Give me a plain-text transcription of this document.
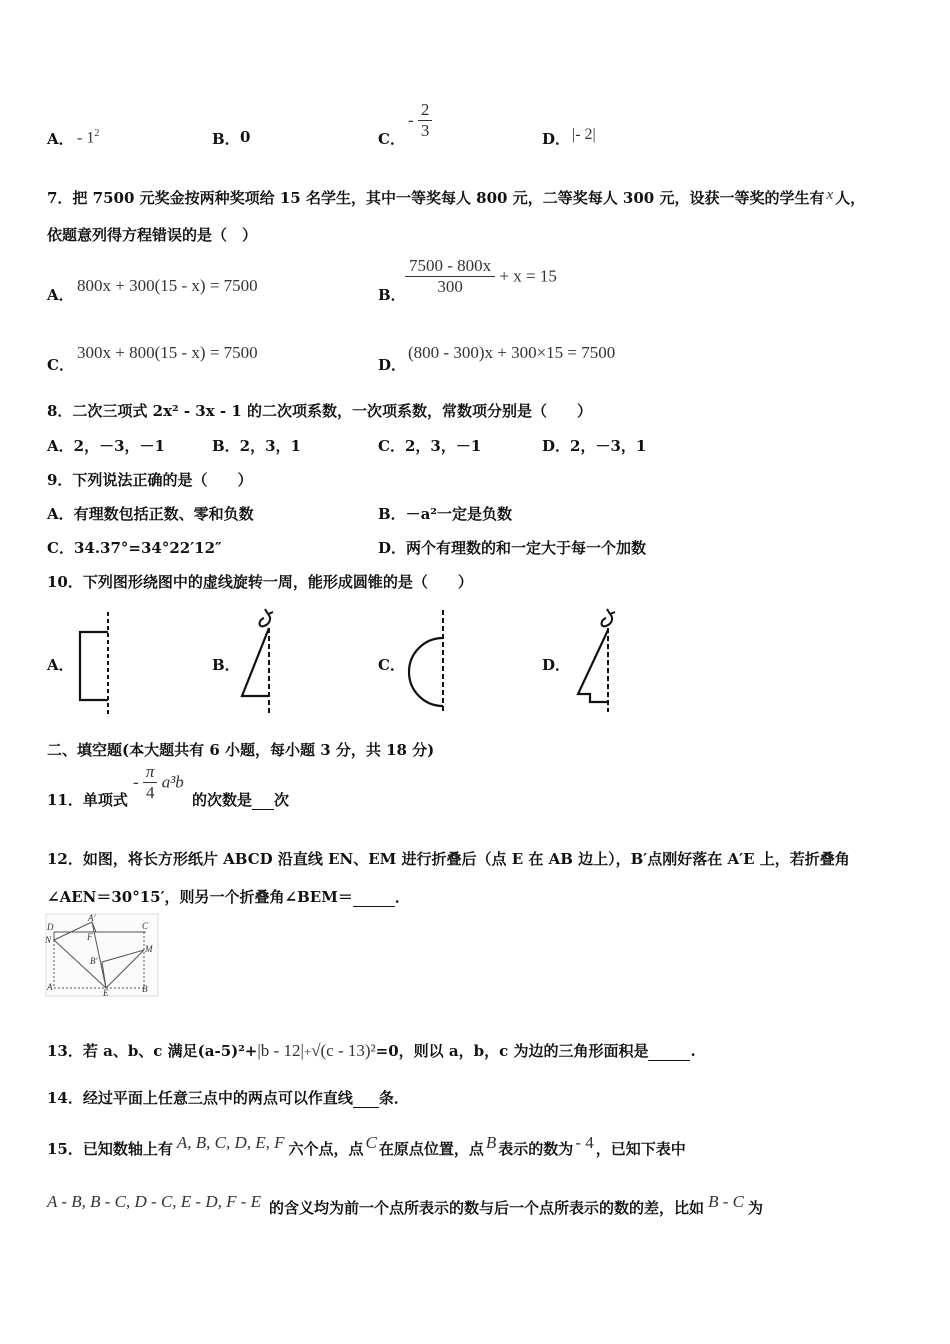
A． - $1^2$	B． 0	C．
- $\frac{2}{3}$	D． |- 2|
7．把 7500 元奖金按两种奖项给 15 名学生，其中一等奖每人 800 元，二等奖每人 300 元，设获一等奖的学生有 x 人，
依题意列得方程错误的是（　）
A． 800x + 300(15 - x) = 7500	B． $\frac{7500 - 800x}{300} + x = 15$
C．
300x + 800(15 - x) = 7500
D．
(800 - 300)x + 300×15 = 7500
8．二次三项式 2x² - 3x - 1 的二次项系数，一次项系数，常数项分别是（　　）
A．2，－3，－1	B．2，3，1	C．2，3，－1	D．2，－3，1
9．下列说法正确的是（　　）
A．有理数包括正数、零和负数	B．－a²一定是负数
C．34.37°=34°22′12″	D．两个有理数的和一定大于每一个加数
10．下列图形绕图中的虚线旋转一周，能形成圆锥的是（　　）
A．	B．	C．	D．
二、填空题(本大题共有 6 小题，每小题 3 分，共 18 分)
11．单项式
- $\frac{\pi}{4} a^3b$
的次数是 次
12．如图，将长方形纸片 ABCD 沿直线 EN、EM 进行折叠后（点 E 在 AB 边上），B′点刚好落在 A′E 上，若折叠角
∠AEN＝30°15′，则另一个折叠角∠BEM＝	．
D
A′
C
N	F
M
B′
A
E	B
13．若 a、b、c 满足(a-5)²+|b - 12|+√(c - 13)²=0，则以 a，b，c 为边的三角形面积是	.
14．经过平面上任意三点中的两点可以作直线 条．
15．已知数轴上有 A, B, C, D, E, F 六个点，点 C 在原点位置，点 B 表示的数为 - 4 ，已知下表中
A - B, B - C, D - C, E - D, F - E 的含义均为前一个点所表示的数与后一个点所表示的数的差，比如 B - C 为
